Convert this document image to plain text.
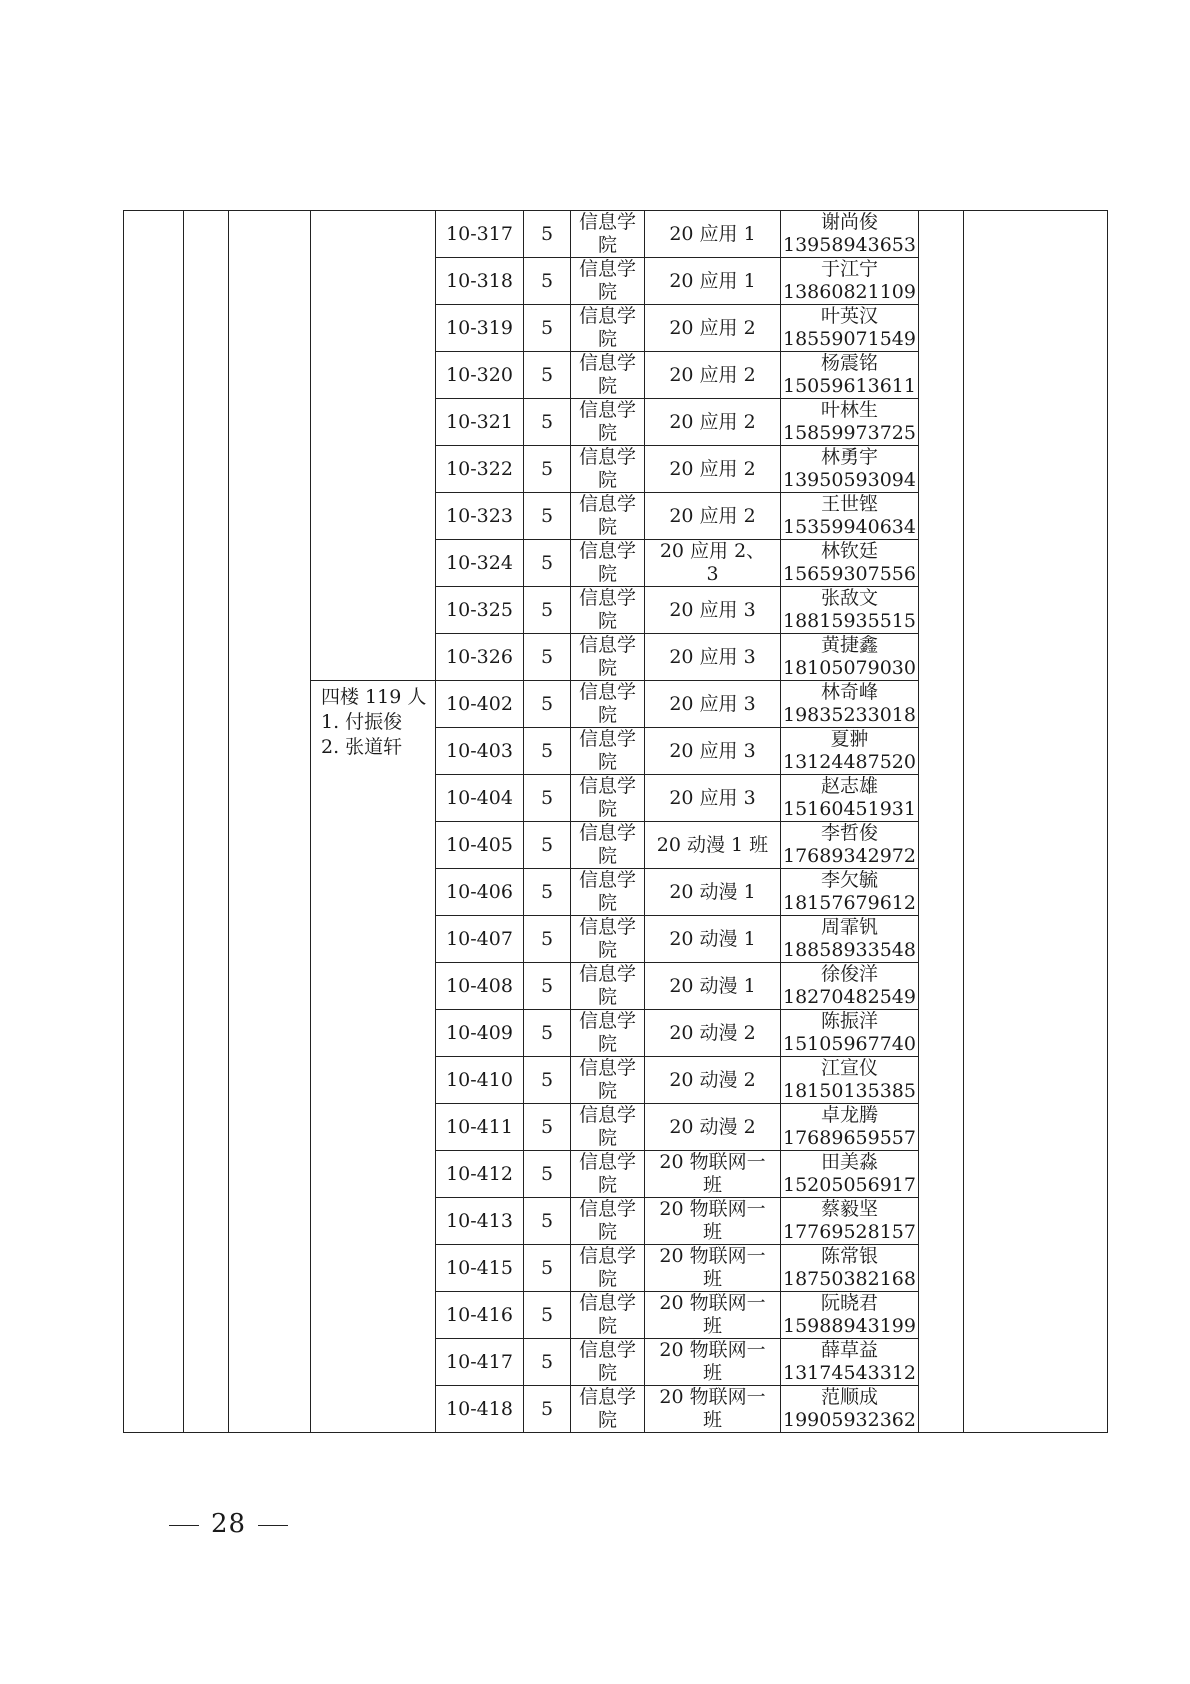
				10-317	5	信息学院	20 应用 1	谢尚俊
13958943653		

				10-318	5	信息学院	20 应用 1	于江宁
13860821109		

				10-319	5	信息学院	20 应用 2	叶英汉
18559071549		

				10-320	5	信息学院	20 应用 2	杨震铭
15059613611		

				10-321	5	信息学院	20 应用 2	叶林生
15859973725		

				10-322	5	信息学院	20 应用 2	林勇宇
13950593094		

				10-323	5	信息学院	20 应用 2	王世铿
15359940634		

				10-324	5	信息学院	20 应用 2、3	林钦廷
15659307556		

				10-325	5	信息学院	20 应用 3	张敌文
18815935515		

				10-326	5	信息学院	20 应用 3	黄捷鑫
18105079030		

			四楼 119 人
1. 付振俊
2. 张道轩	10-402	5	信息学院	20 应用 3	林奇峰
19835233018		

				10-403	5	信息学院	20 应用 3	夏翀
13124487520		

				10-404	5	信息学院	20 应用 3	赵志雄
15160451931		

				10-405	5	信息学院	20 动漫 1 班	李哲俊
17689342972		

				10-406	5	信息学院	20 动漫 1	李欠毓
18157679612		

				10-407	5	信息学院	20 动漫 1	周霏钒
18858933548		

				10-408	5	信息学院	20 动漫 1	徐俊洋
18270482549		

				10-409	5	信息学院	20 动漫 2	陈振洋
15105967740		

				10-410	5	信息学院	20 动漫 2	江宣仪
18150135385		

				10-411	5	信息学院	20 动漫 2	卓龙腾
17689659557		

				10-412	5	信息学院	20 物联网一班	田美淼
15205056917		

				10-413	5	信息学院	20 物联网一班	蔡毅坚
17769528157		

				10-415	5	信息学院	20 物联网一班	陈常银
18750382168		

				10-416	5	信息学院	20 物联网一班	阮晓君
15988943199		

				10-417	5	信息学院	20 物联网一班	薛草益
13174543312		

				10-418	5	信息学院	20 物联网一班	范顺成
19905932362		
28
